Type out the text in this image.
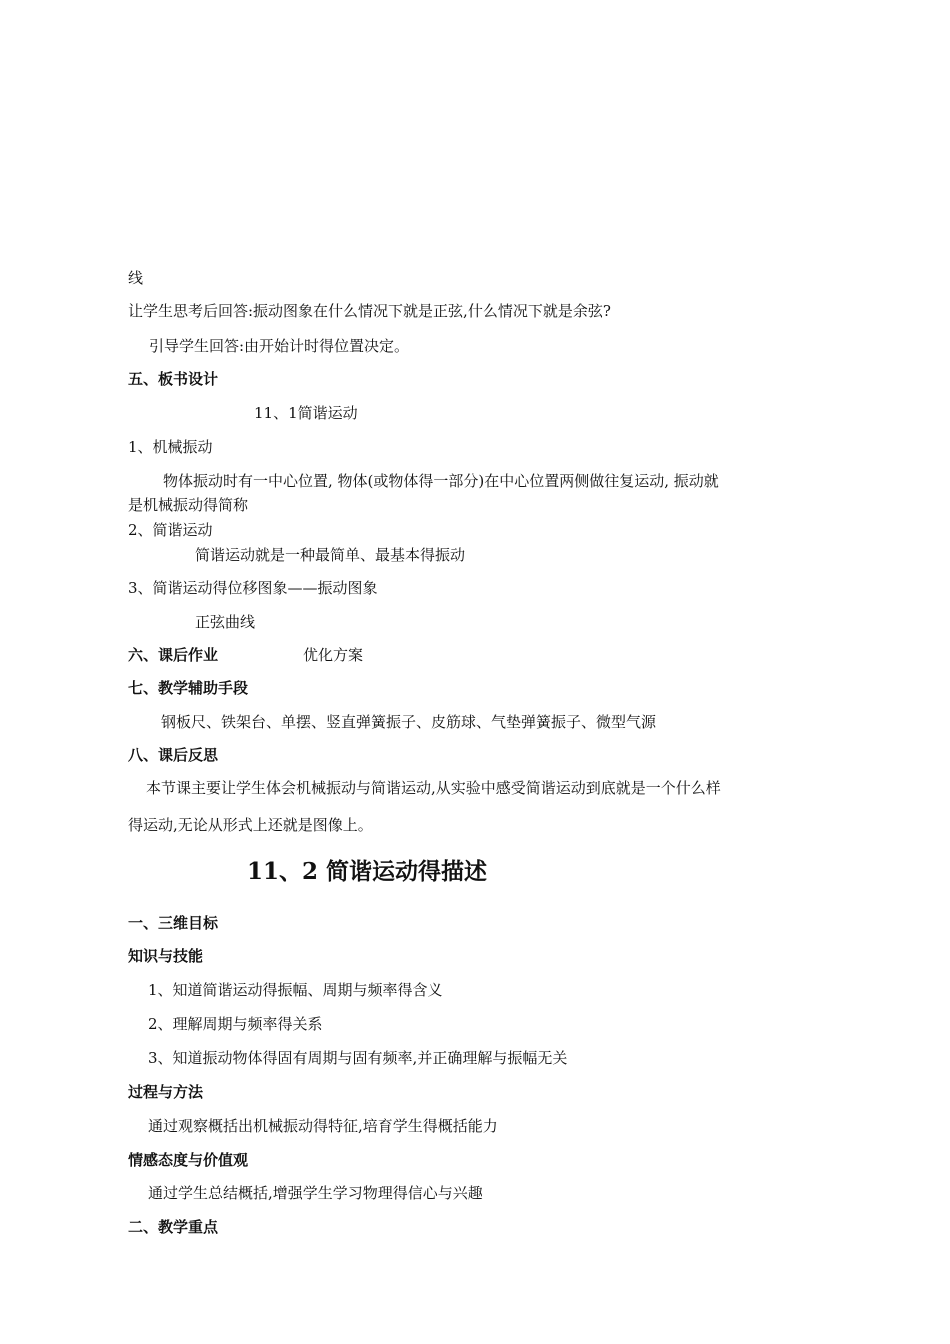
线
让学生思考后回答:振动图象在什么情况下就是正弦,什么情况下就是余弦?
引导学生回答:由开始计时得位置决定。
五、板书设计
11、1简谐运动
1、机械振动
物体振动时有一中心位置, 物体(或物体得一部分)在中心位置两侧做往复运动, 振动就
是机械振动得简称
2、简谐运动
简谐运动就是一种最简单、最基本得振动
3、简谐运动得位移图象——振动图象
正弦曲线
六、课后作业	优化方案
七、教学辅助手段
钢板尺、铁架台、单摆、竖直弹簧振子、皮筋球、气垫弹簧振子、微型气源
八、课后反思
本节课主要让学生体会机械振动与简谐运动,从实验中感受简谐运动到底就是一个什么样
得运动,无论从形式上还就是图像上。
11、2 简谐运动得描述
一、三维目标
知识与技能
1、知道简谐运动得振幅、周期与频率得含义
2、理解周期与频率得关系
3、知道振动物体得固有周期与固有频率,并正确理解与振幅无关
过程与方法
通过观察概括出机械振动得特征,培育学生得概括能力
情感态度与价值观
通过学生总结概括,增强学生学习物理得信心与兴趣
二、教学重点
